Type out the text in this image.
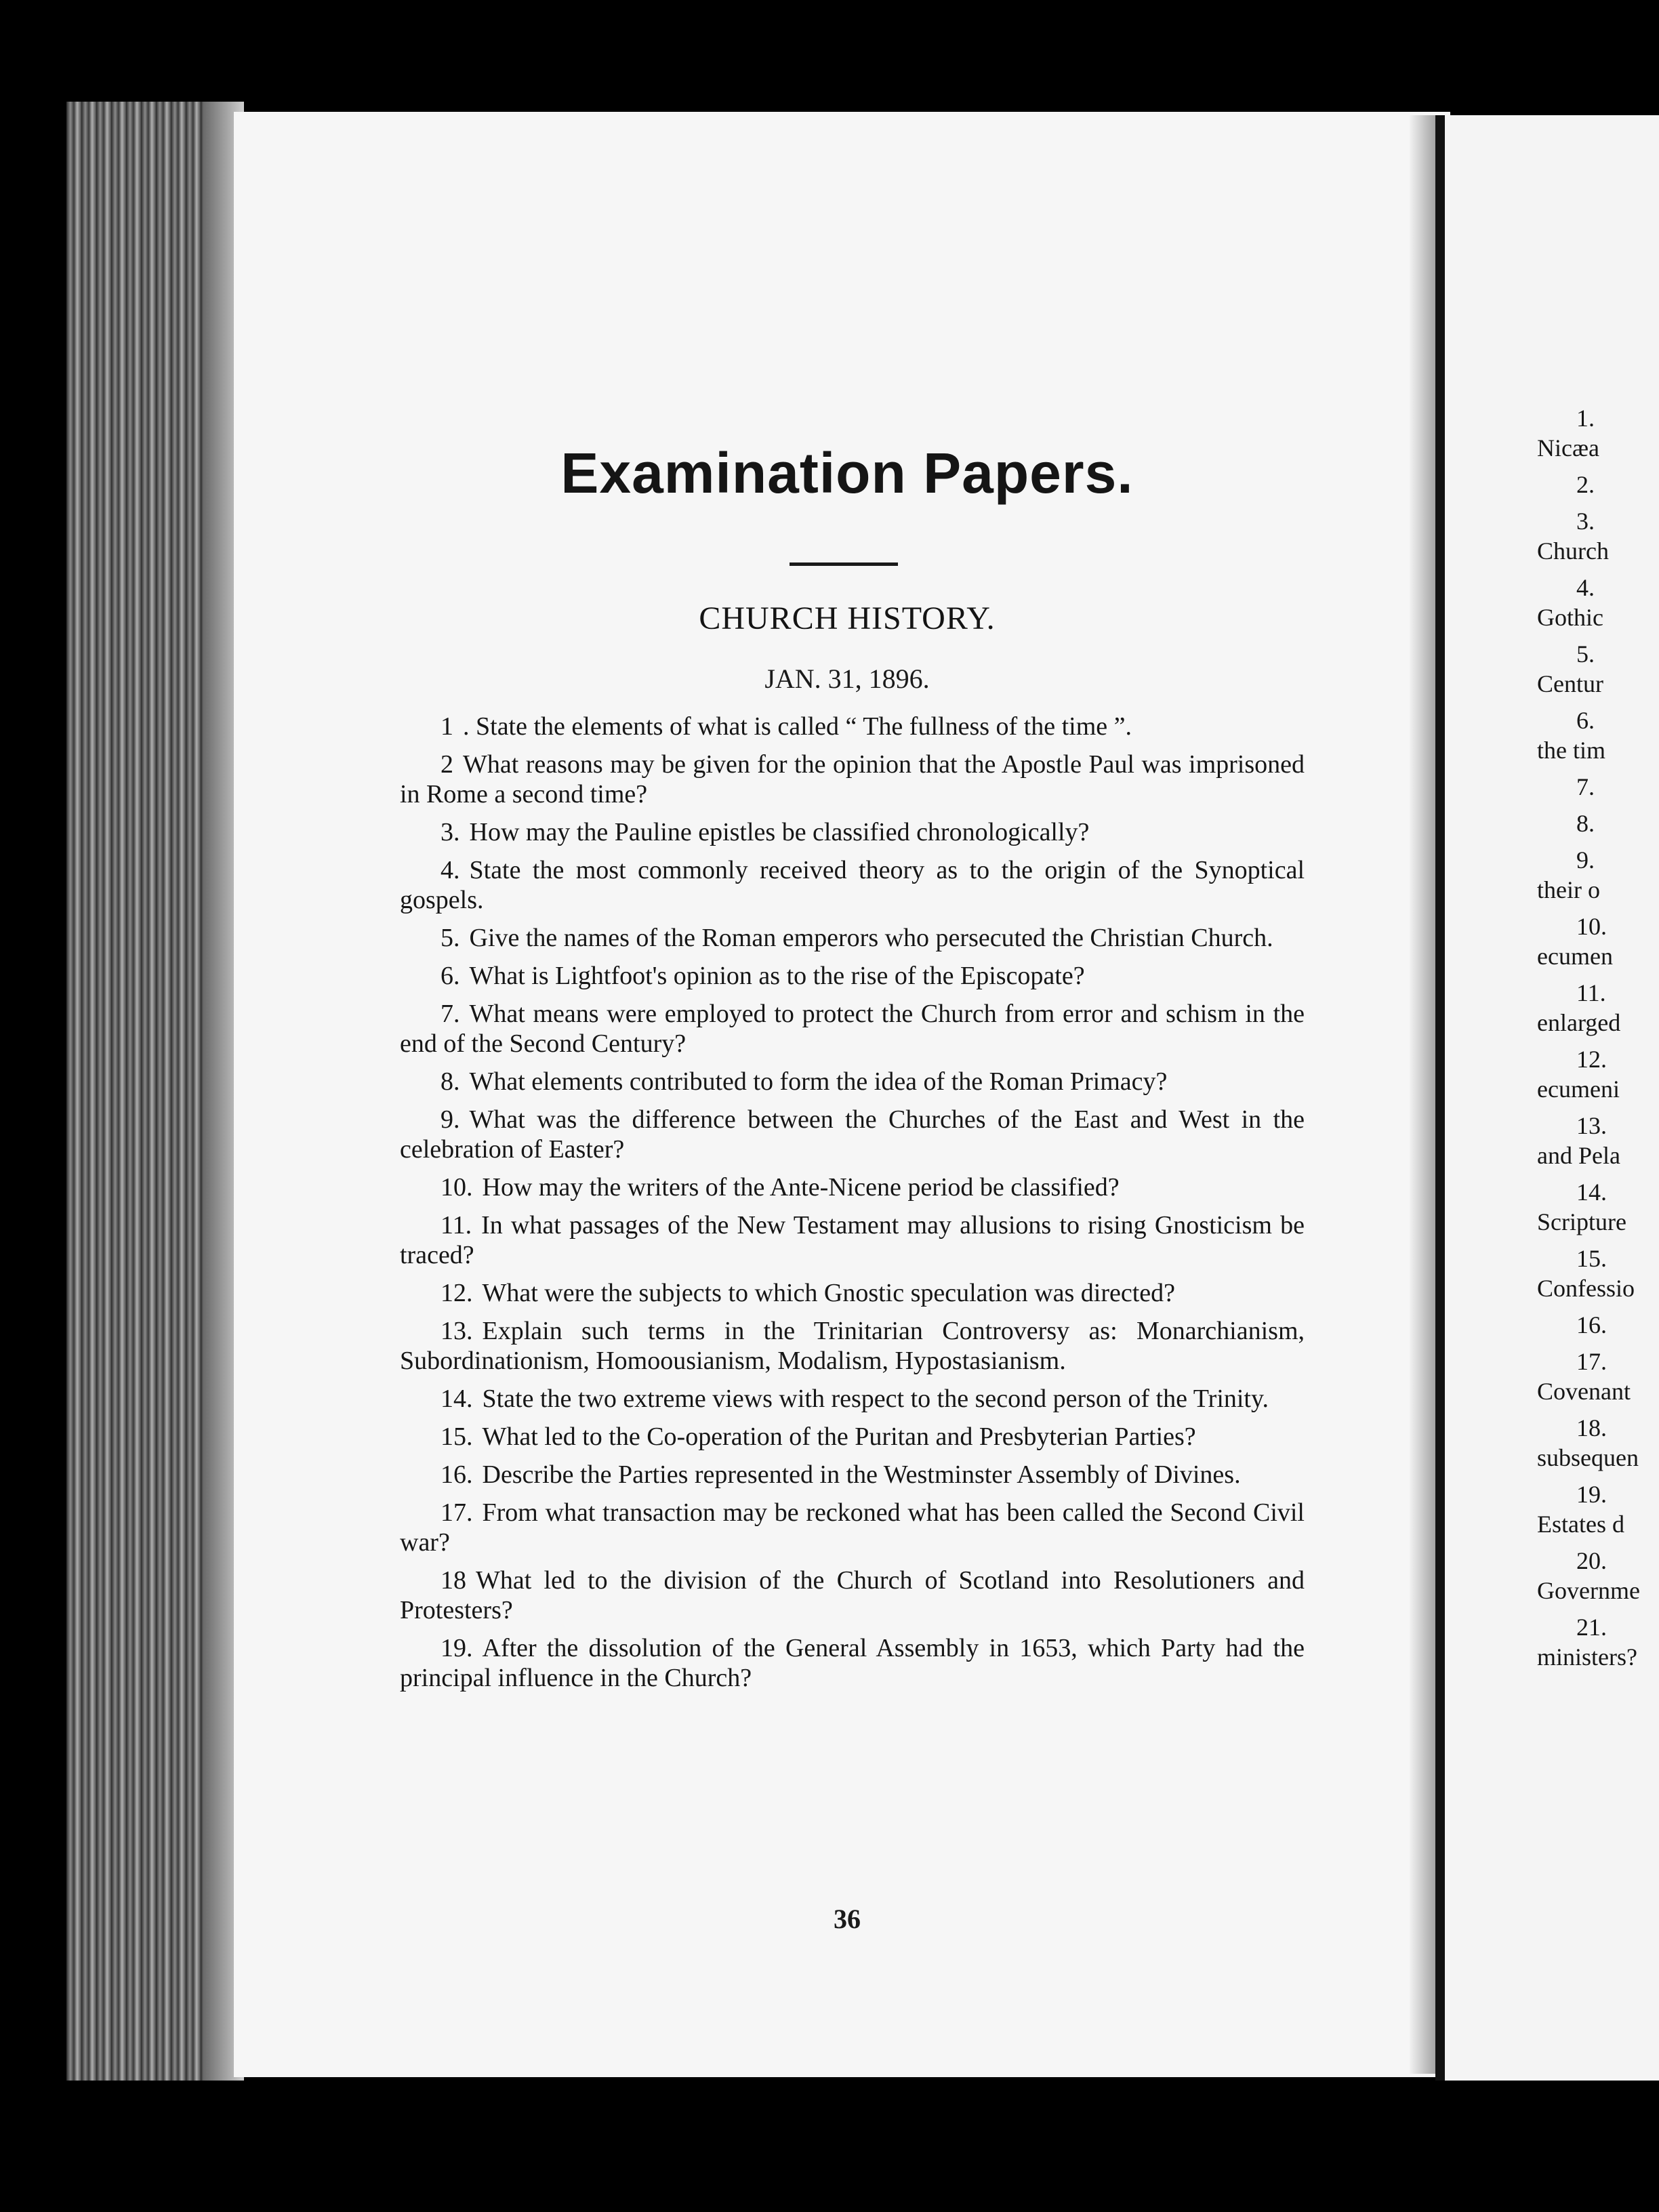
Examination Papers.
CHURCH HISTORY.
JAN. 31, 1896.
1 . State the elements of what is called “ The fullness of the time ”.
2 What reasons may be given for the opinion that the Apostle Paul was imprisoned in Rome a second time?
3. How may the Pauline epistles be classified chronologically?
4. State the most commonly received theory as to the origin of the Synoptical gospels.
5. Give the names of the Roman emperors who persecuted the Christian Church.
6. What is Lightfoot's opinion as to the rise of the Episcopate?
7. What means were employed to protect the Church from error and schism in the end of the Second Century?
8. What elements contributed to form the idea of the Roman Primacy?
9. What was the difference between the Churches of the East and West in the celebration of Easter?
10. How may the writers of the Ante-Nicene period be classified?
11. In what passages of the New Testament may allusions to rising Gnosticism be traced?
12. What were the subjects to which Gnostic speculation was directed?
13. Explain such terms in the Trinitarian Controversy as: Monarchianism, Subordinationism, Homoousianism, Modalism, Hypostasianism.
14. State the two extreme views with respect to the second person of the Trinity.
15. What led to the Co-operation of the Puritan and Presbyterian Parties?
16. Describe the Parties represented in the Westminster Assembly of Divines.
17. From what transaction may be reckoned what has been called the Second Civil war?
18 What led to the division of the Church of Scotland into Resolutioners and Protesters?
19. After the dissolution of the General Assembly in 1653, which Party had the principal influence in the Church?
36
1.
Nicæa
2.
3.
Church
4.
Gothic
5.
Centur
6.
the tim
7.
8.
9.
their o
10.
ecumen
11.
enlarged
12.
ecumeni
13.
and Pela
14.
Scripture
15.
Confessio
16.
17.
Covenant
18.
subsequen
19.
Estates d
20.
Governme
21.
ministers?
